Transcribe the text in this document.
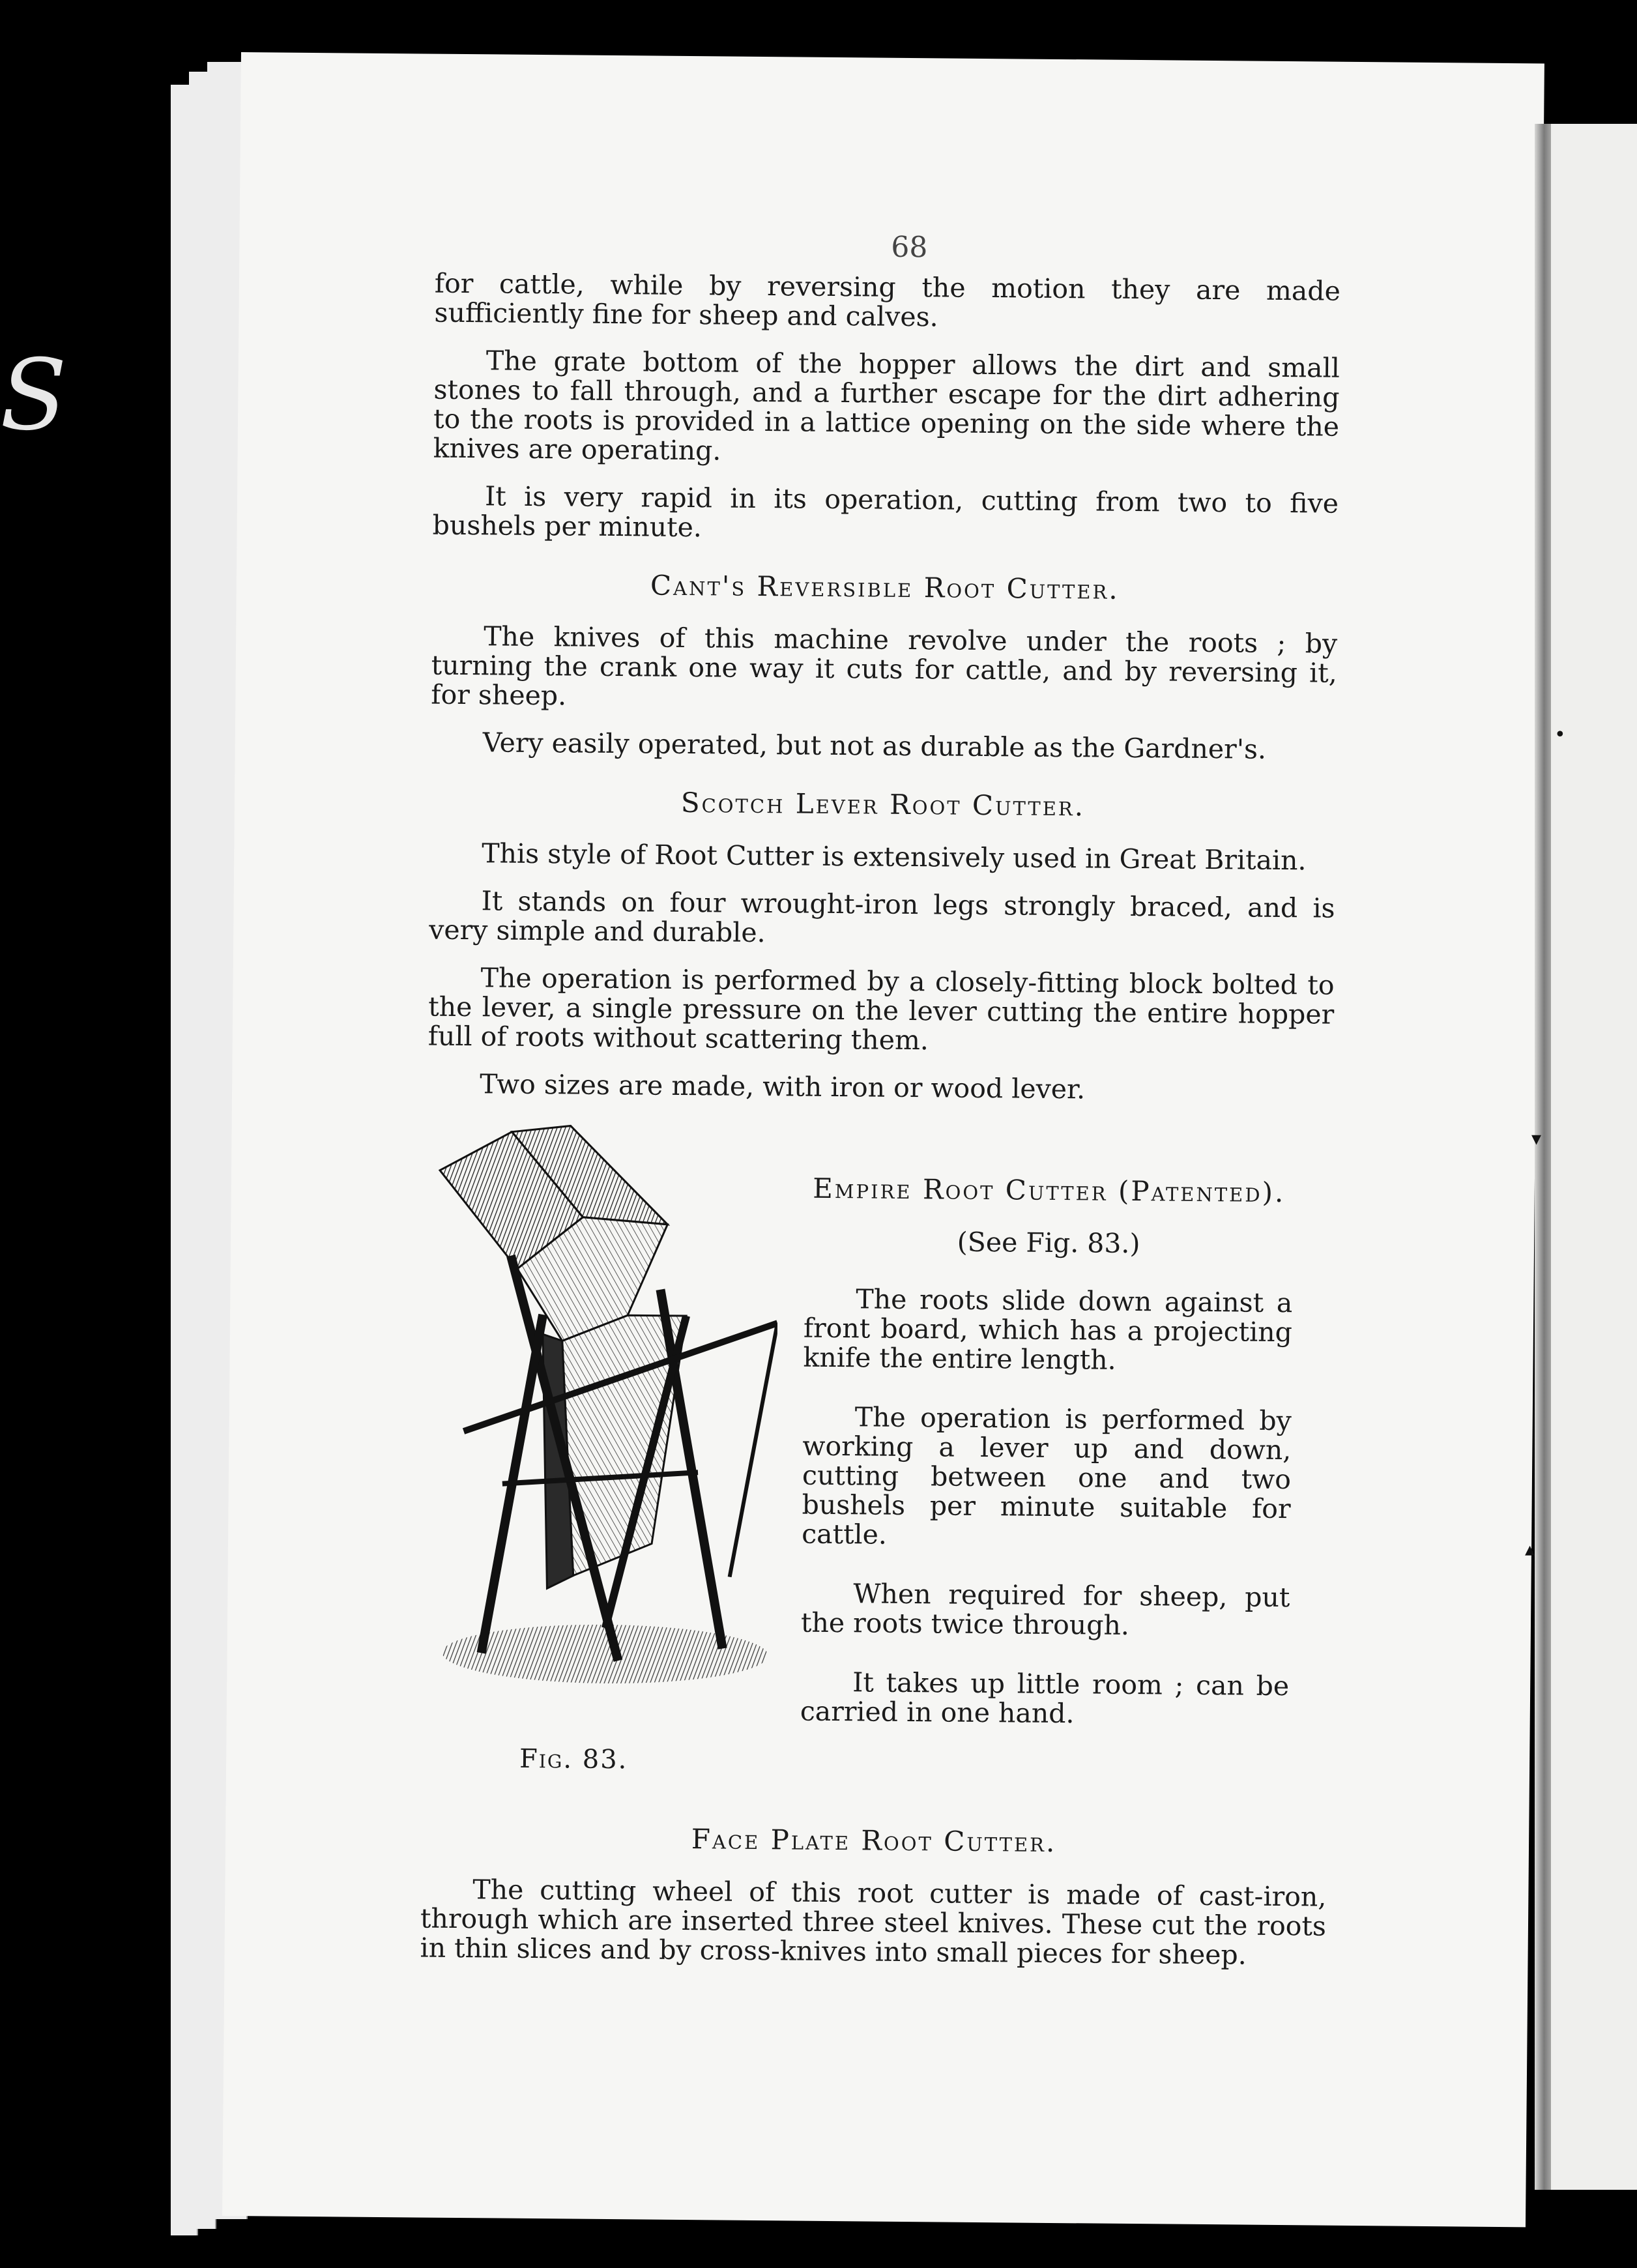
S
68

for cattle, while by reversing the motion they are made sufficiently fine for sheep and calves.

The grate bottom of the hopper allows the dirt and small stones to fall through, and a further escape for the dirt adhering to the roots is provided in a lattice opening on the side where the knives are operating.

It is very rapid in its operation, cutting from two to five bushels per minute.

Cant's Reversible Root Cutter.

The knives of this machine revolve under the roots ; by turning the crank one way it cuts for cattle, and by reversing it, for sheep.

Very easily operated, but not as durable as the Gardner's.

Scotch Lever Root Cutter.

This style of Root Cutter is extensively used in Great Britain.

It stands on four wrought-iron legs strongly braced, and is very simple and durable.

The operation is performed by a closely-fitting block bolted to the lever, a single pressure on the lever cutting the entire hopper full of roots without scattering them.

Two sizes are made, with iron or wood lever.

Fig. 83.
Empire Root Cutter (Patented).
(See Fig. 83.)

The roots slide down against a front board, which has a projecting knife the entire length.

The operation is performed by working a lever up and down, cutting between one and two bushels per minute suitable for cattle.

When required for sheep, put the roots twice through.

It takes up little room ; can be carried in one hand.

Face Plate Root Cutter.

The cutting wheel of this root cutter is made of cast-iron, through which are inserted three steel knives. These cut the roots in thin slices and by cross-knives into small pieces for sheep.

•
▾
▴
